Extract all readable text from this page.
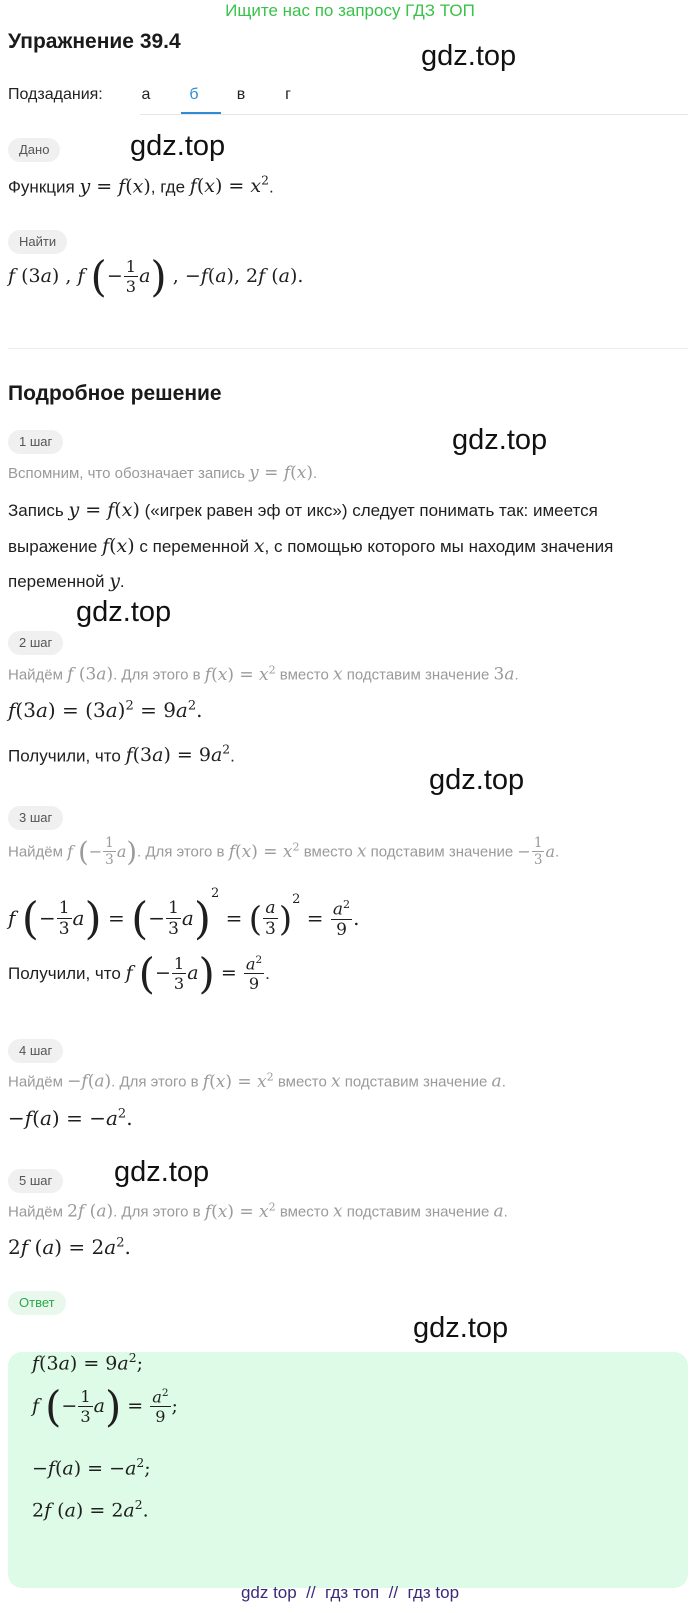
Ищите нас по запросу ГДЗ ТОП
Упражнение 39.4	gdz.top
gdz.top
gdz.top
gdz.top
gdz.top
gdz.top
gdz.top
Подзадания:	а	б	в	г
Дано
Функция y = f(x), где $f(x) = x^2$.
Найти
f (3a) , f (− $\frac{1}{3} a$) , −f(a), 2f (a).
Подробное решение
1 шаг
Вспомним, что обозначает запись y = f(x).
Запись y = f(x) («игрек равен эф от икс») следует понимать так: имеется
выражение f(x) с переменной x, с помощью которого мы находим значения
переменной y.
2 шаг
Найдём f (3a). Для этого в $f(x) = x^2$ вместо x подставим значение 3a.
$f(3a) = (3a)^2 = 9a^2$.
Получили, что $f(3a) = 9a^2$.
3 шаг
Найдём f (− $\frac{1}{3} a$). Для этого в $f(x) = x^2$ вместо x подставим значение − $\frac{1}{3} a$.
f (− $\frac{1}{3} a$) = (− $\frac{1}{3} a)^2$ = ( $\frac{a}{3} )^2 = \frac{a^2}{9}$ .
Получили, что f (− $\frac{1}{3} a) = \frac{a^2}{9}$ .
4 шаг
Найдём −f(a). Для этого в $f(x) = x^2$ вместо x подставим значение a.
$-f(a) = -a^2$.
5 шаг
Найдём 2f (a). Для этого в $f(x) = x^2$ вместо x подставим значение a.
2f $(a) = 2a^2$.
Ответ
$f(3a) = 9a^2$;
f (− $\frac{1}{3} a) = \frac{a^2}{9}$ ;
$-f(a) = -a^2$;
2f $(a) = 2a^2$.
gdz top  //  гдз топ  //  гдз top
